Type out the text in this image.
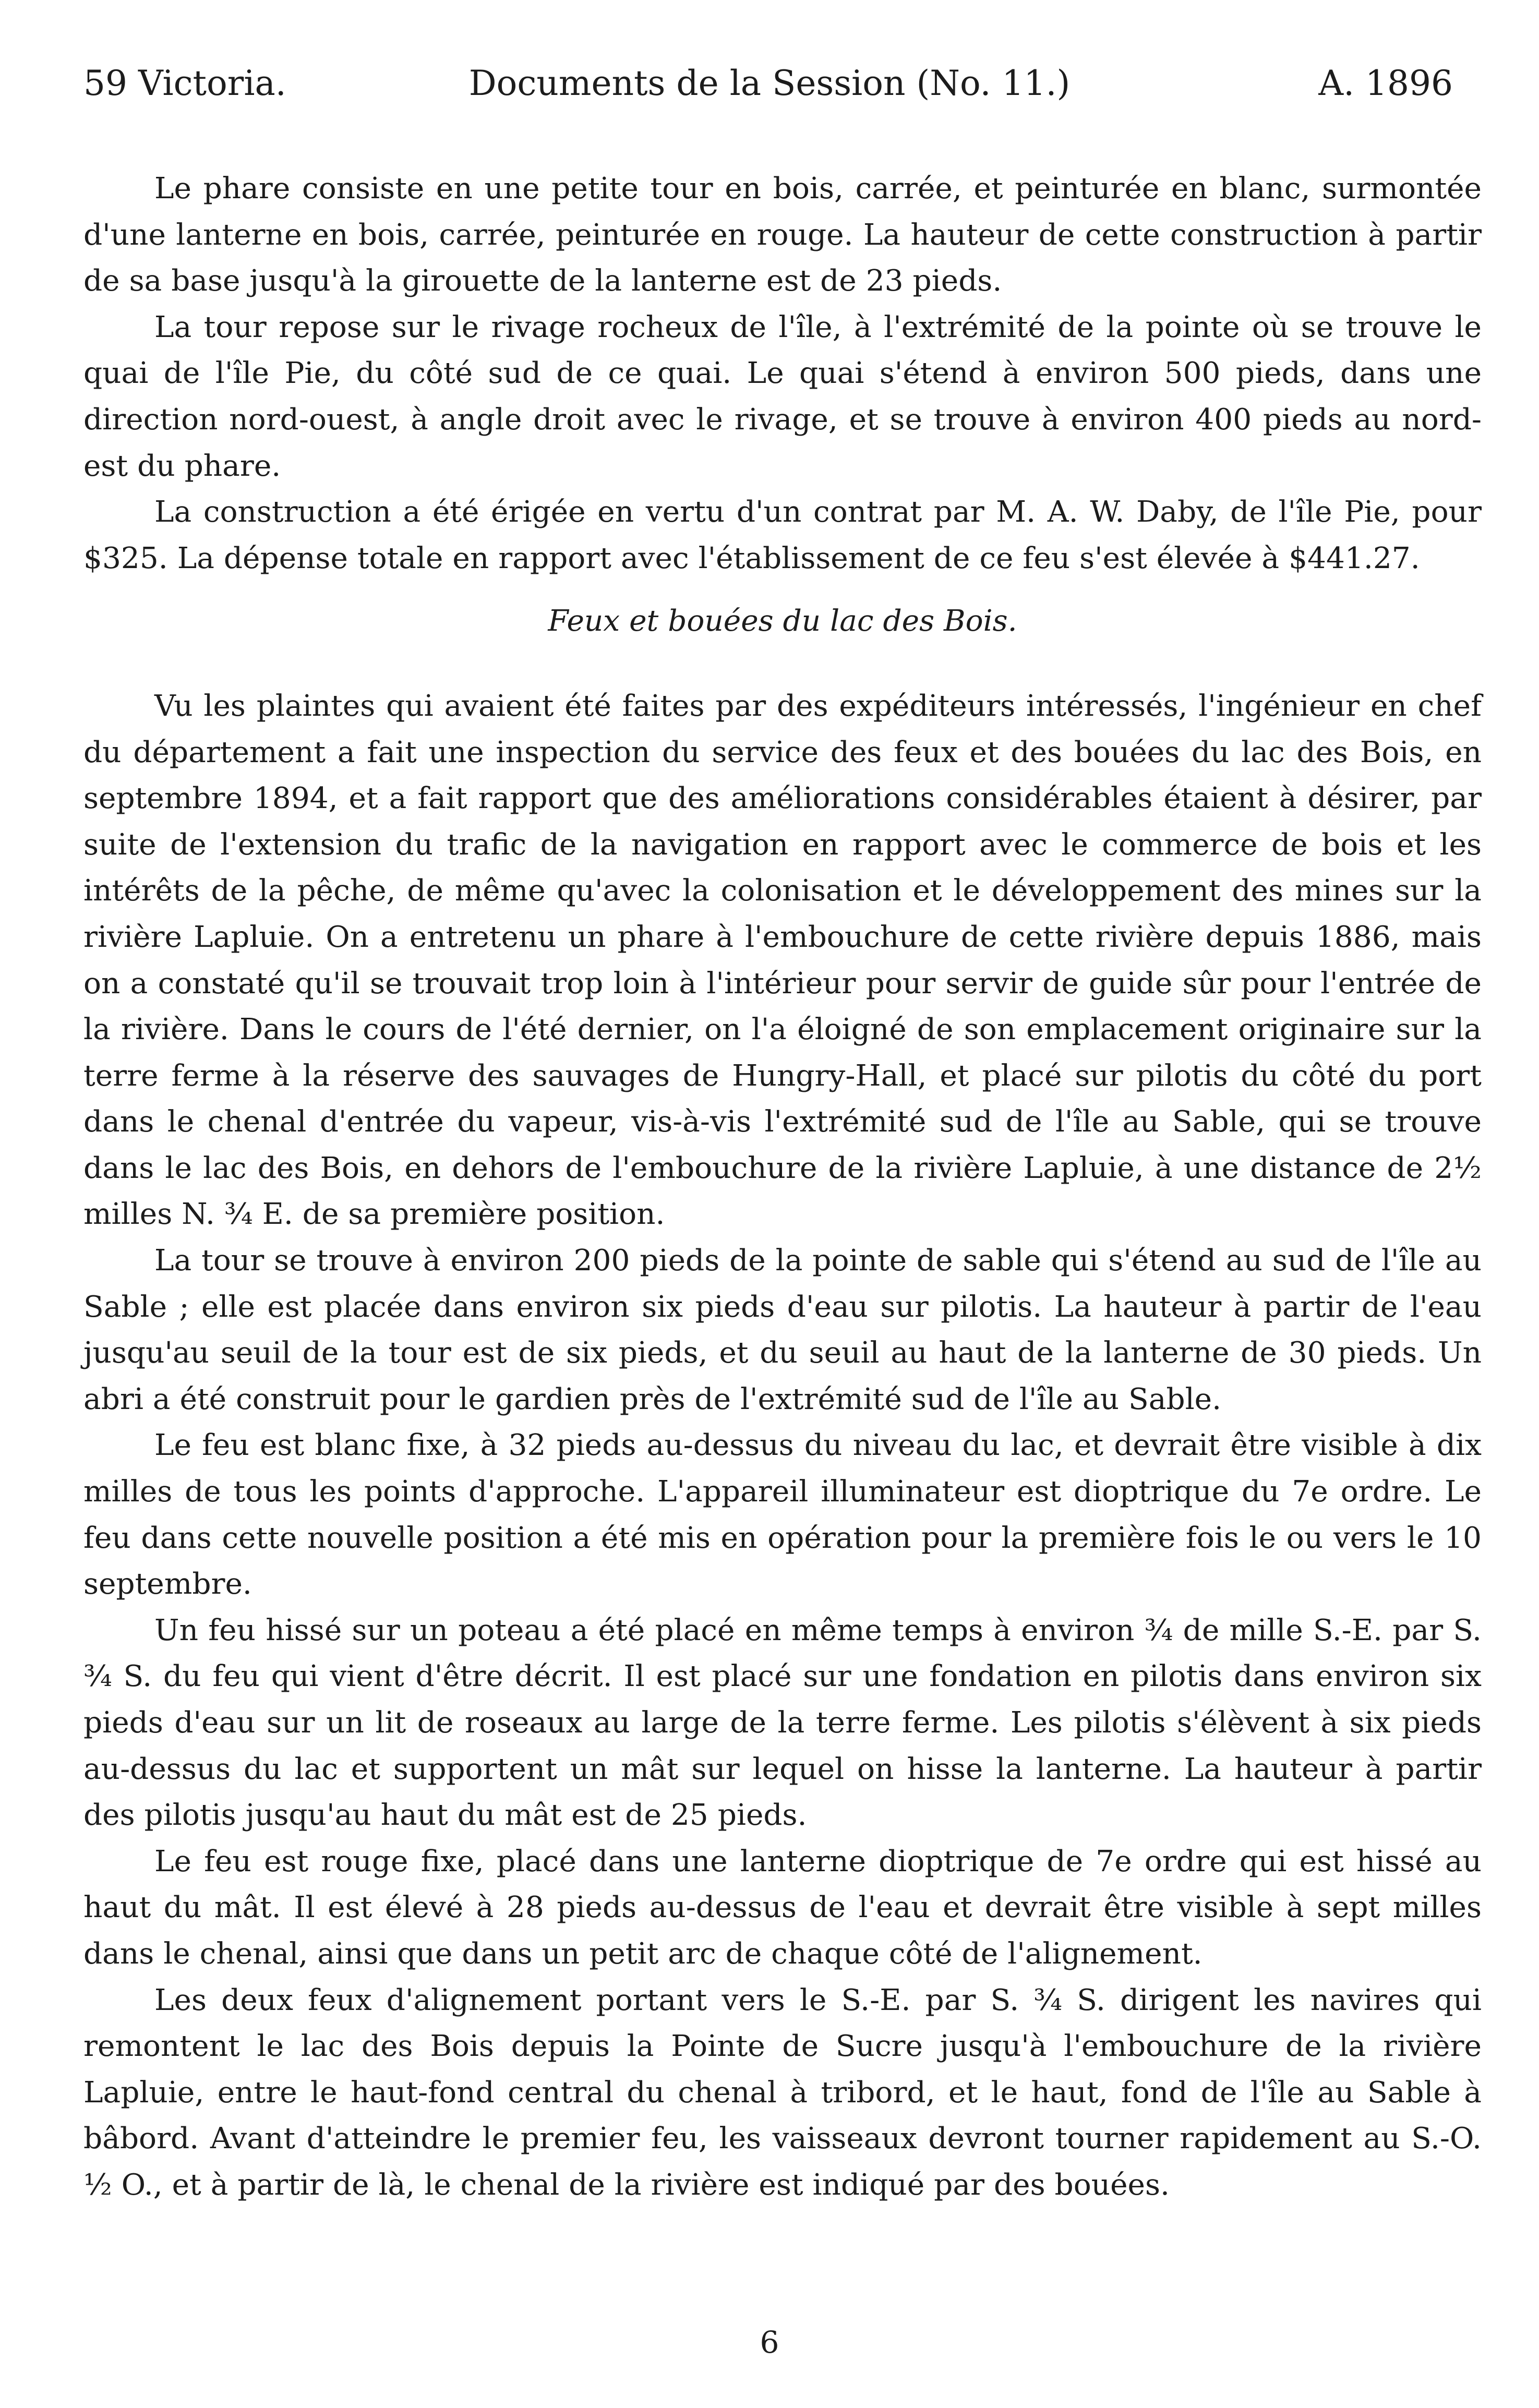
59 Victoria.	Documents de la Session (No. 11.)	A. 1896

Le phare consiste en une petite tour en bois, carrée, et peinturée en blanc, surmontée d'une lanterne en bois, carrée, peinturée en rouge. La hauteur de cette construction à partir de sa base jusqu'à la girouette de la lanterne est de 23 pieds.

La tour repose sur le rivage rocheux de l'île, à l'extrémité de la pointe où se trouve le quai de l'île Pie, du côté sud de ce quai. Le quai s'étend à environ 500 pieds, dans une direction nord-ouest, à angle droit avec le rivage, et se trouve à environ 400 pieds au nord-est du phare.

La construction a été érigée en vertu d'un contrat par M. A. W. Daby, de l'île Pie, pour $325. La dépense totale en rapport avec l'établissement de ce feu s'est élevée à $441.27.

Feux et bouées du lac des Bois.

Vu les plaintes qui avaient été faites par des expéditeurs intéressés, l'ingénieur en chef du département a fait une inspection du service des feux et des bouées du lac des Bois, en septembre 1894, et a fait rapport que des améliorations considérables étaient à désirer, par suite de l'extension du trafic de la navigation en rapport avec le commerce de bois et les intérêts de la pêche, de même qu'avec la colonisation et le développement des mines sur la rivière Lapluie. On a entretenu un phare à l'embouchure de cette rivière depuis 1886, mais on a constaté qu'il se trouvait trop loin à l'intérieur pour servir de guide sûr pour l'entrée de la rivière. Dans le cours de l'été dernier, on l'a éloigné de son emplacement originaire sur la terre ferme à la réserve des sauvages de Hungry-Hall, et placé sur pilotis du côté du port dans le chenal d'entrée du vapeur, vis-à-vis l'extrémité sud de l'île au Sable, qui se trouve dans le lac des Bois, en dehors de l'embouchure de la rivière Lapluie, à une distance de 2½ milles N. ¾ E. de sa première position.

La tour se trouve à environ 200 pieds de la pointe de sable qui s'étend au sud de l'île au Sable ; elle est placée dans environ six pieds d'eau sur pilotis. La hauteur à partir de l'eau jusqu'au seuil de la tour est de six pieds, et du seuil au haut de la lanterne de 30 pieds. Un abri a été construit pour le gardien près de l'extrémité sud de l'île au Sable.

Le feu est blanc fixe, à 32 pieds au-dessus du niveau du lac, et devrait être visible à dix milles de tous les points d'approche. L'appareil illuminateur est dioptrique du 7e ordre. Le feu dans cette nouvelle position a été mis en opération pour la première fois le ou vers le 10 septembre.

Un feu hissé sur un poteau a été placé en même temps à environ ¾ de mille S.-E. par S. ¾ S. du feu qui vient d'être décrit. Il est placé sur une fondation en pilotis dans environ six pieds d'eau sur un lit de roseaux au large de la terre ferme. Les pilotis s'élèvent à six pieds au-dessus du lac et supportent un mât sur lequel on hisse la lanterne. La hauteur à partir des pilotis jusqu'au haut du mât est de 25 pieds.

Le feu est rouge fixe, placé dans une lanterne dioptrique de 7e ordre qui est hissé au haut du mât. Il est élevé à 28 pieds au-dessus de l'eau et devrait être visible à sept milles dans le chenal, ainsi que dans un petit arc de chaque côté de l'alignement.

Les deux feux d'alignement portant vers le S.-E. par S. ¾ S. dirigent les navires qui remontent le lac des Bois depuis la Pointe de Sucre jusqu'à l'embouchure de la rivière Lapluie, entre le haut-fond central du chenal à tribord, et le haut, fond de l'île au Sable à bâbord. Avant d'atteindre le premier feu, les vaisseaux devront tourner rapidement au S.-O. ½ O., et à partir de là, le chenal de la rivière est indiqué par des bouées.

6
